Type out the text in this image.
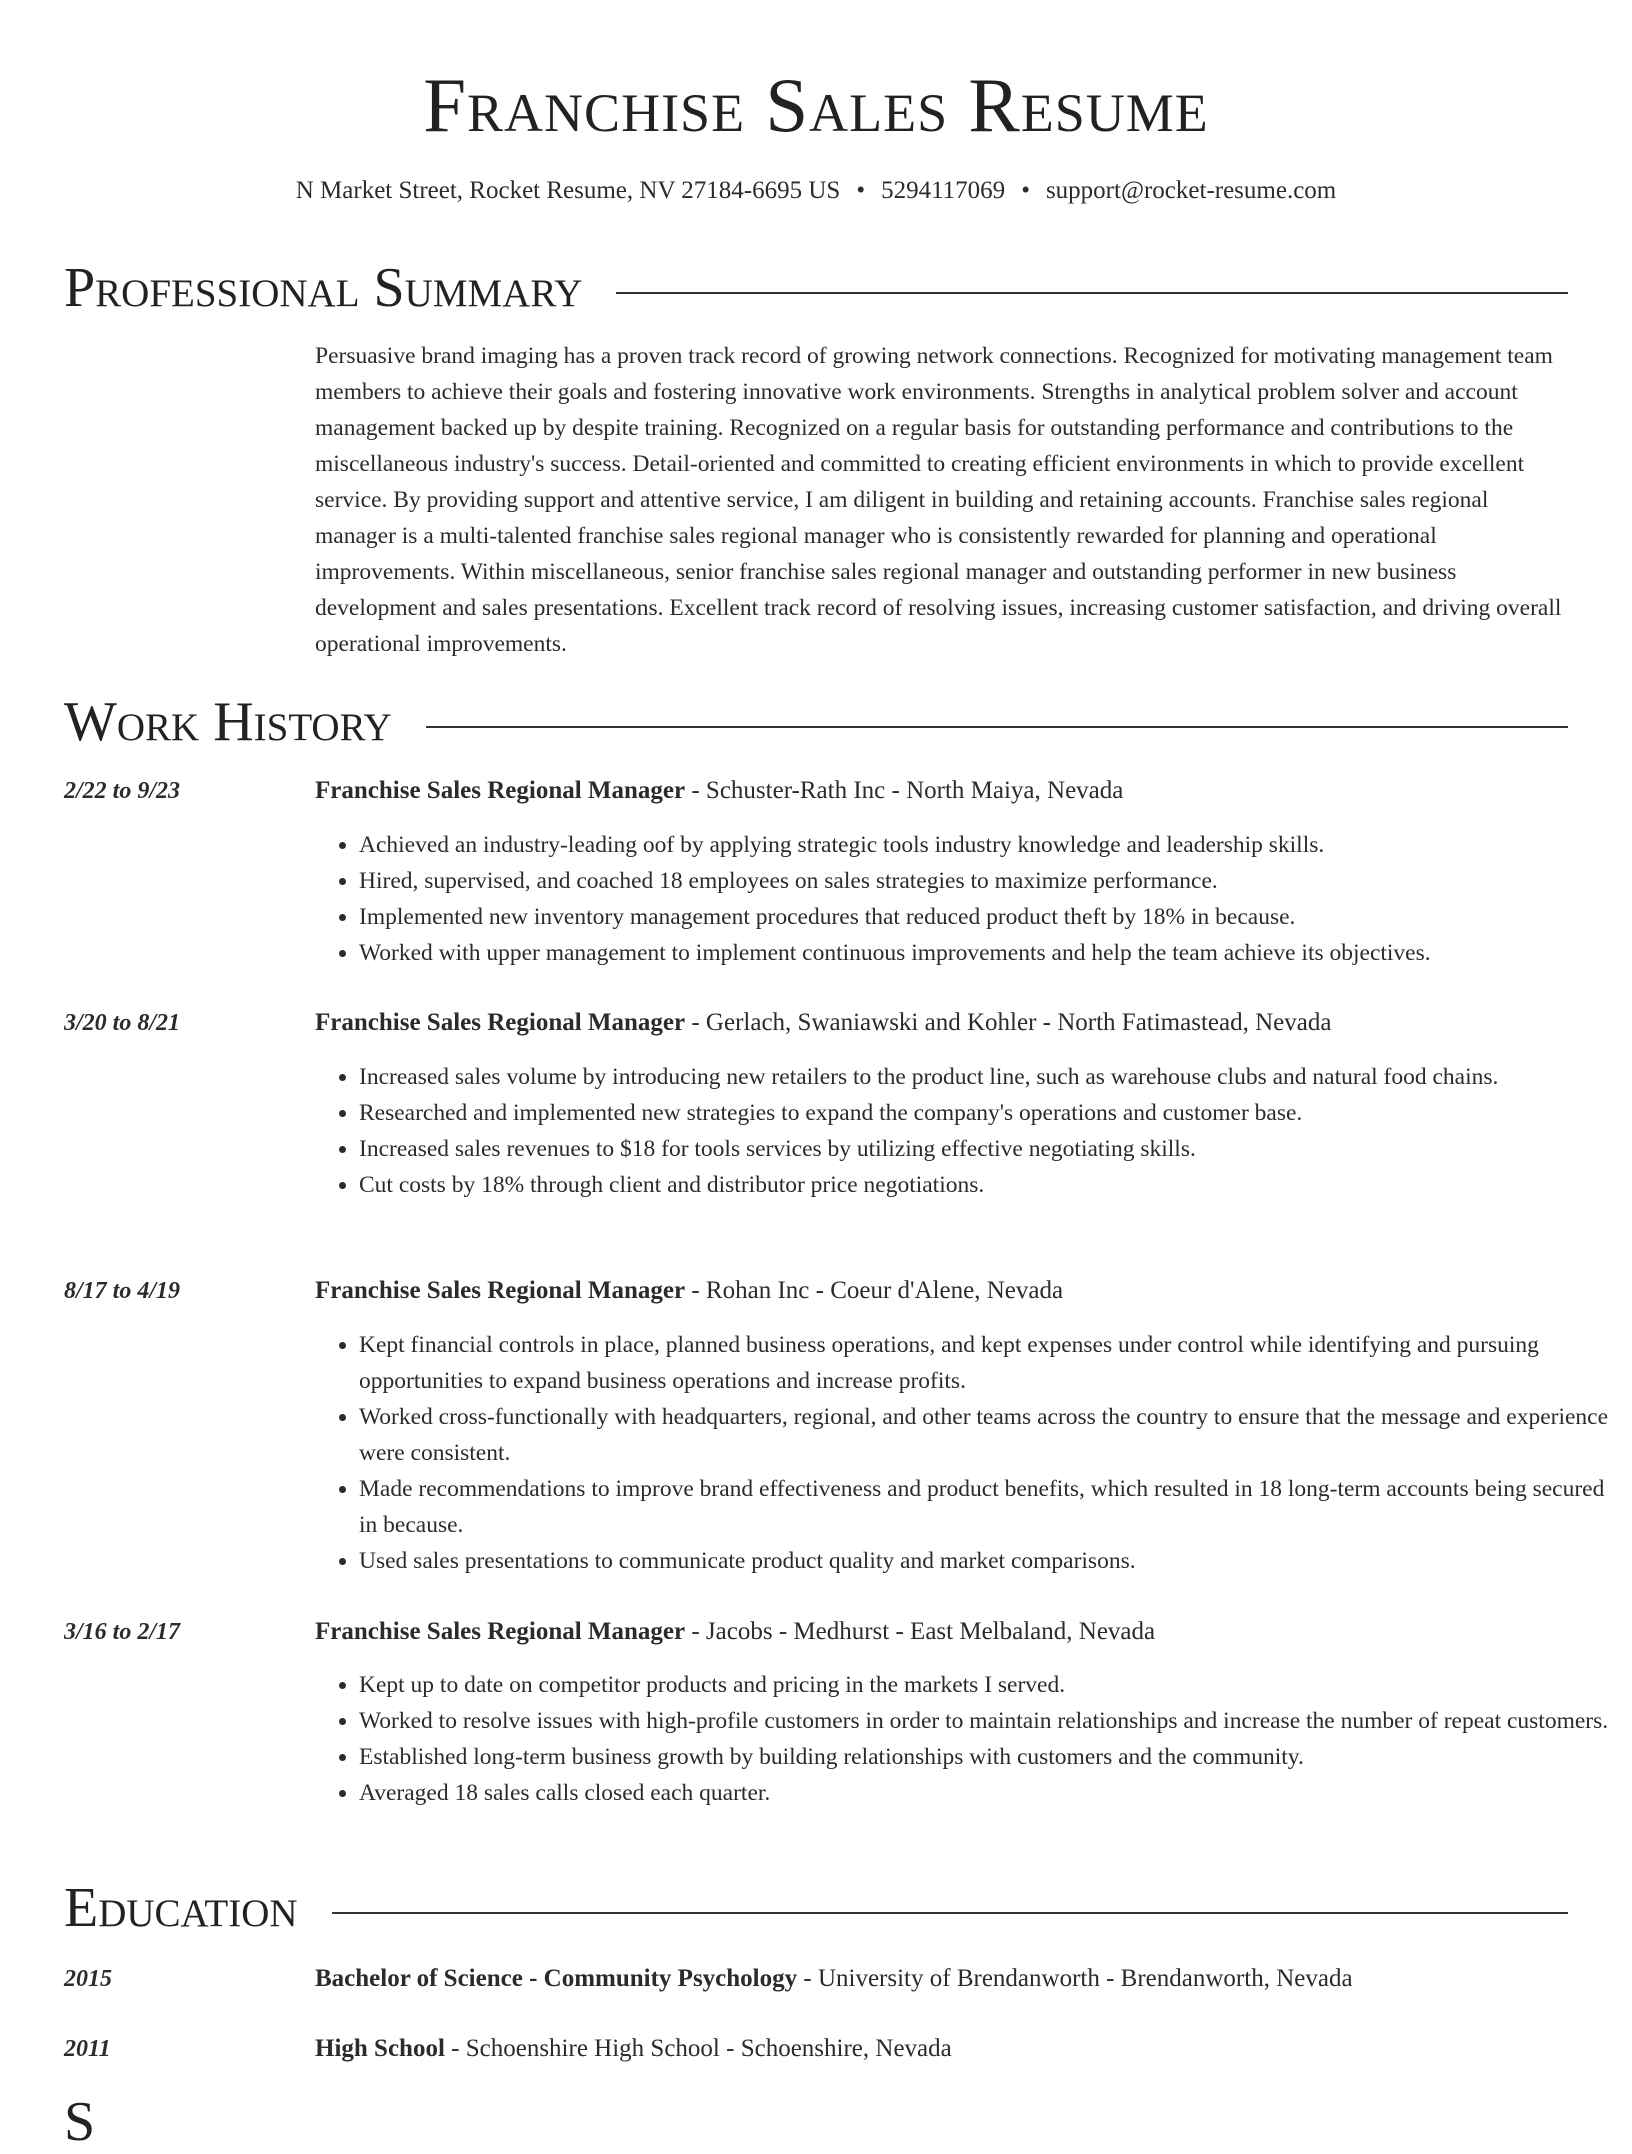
Franchise Sales Resume
N Market Street, Rocket Resume, NV 27184-6695 US • 5294117069 • support@rocket-resume.com
Professional Summary
Persuasive brand imaging has a proven track record of growing network connections. Recognized for motivating management team members to achieve their goals and fostering innovative work environments. Strengths in analytical problem solver and account management backed up by despite training. Recognized on a regular basis for outstanding performance and contributions to the miscellaneous industry's success. Detail-oriented and committed to creating efficient environments in which to provide excellent service. By providing support and attentive service, I am diligent in building and retaining accounts. Franchise sales regional manager is a multi-talented franchise sales regional manager who is consistently rewarded for planning and operational improvements. Within miscellaneous, senior franchise sales regional manager and outstanding performer in new business development and sales presentations. Excellent track record of resolving issues, increasing customer satisfaction, and driving overall operational improvements.
Work History
2/22 to 9/23	Franchise Sales Regional Manager - Schuster-Rath Inc - North Maiya, Nevada
• Achieved an industry-leading oof by applying strategic tools industry knowledge and leadership skills.
• Hired, supervised, and coached 18 employees on sales strategies to maximize performance.
• Implemented new inventory management procedures that reduced product theft by 18% in because.
• Worked with upper management to implement continuous improvements and help the team achieve its objectives.
3/20 to 8/21	Franchise Sales Regional Manager - Gerlach, Swaniawski and Kohler - North Fatimastead, Nevada
• Increased sales volume by introducing new retailers to the product line, such as warehouse clubs and natural food chains.
• Researched and implemented new strategies to expand the company's operations and customer base.
• Increased sales revenues to $18 for tools services by utilizing effective negotiating skills.
• Cut costs by 18% through client and distributor price negotiations.
8/17 to 4/19	Franchise Sales Regional Manager - Rohan Inc - Coeur d'Alene, Nevada
• Kept financial controls in place, planned business operations, and kept expenses under control while identifying and pursuing opportunities to expand business operations and increase profits.
• Worked cross-functionally with headquarters, regional, and other teams across the country to ensure that the message and experience were consistent.
• Made recommendations to improve brand effectiveness and product benefits, which resulted in 18 long-term accounts being secured in because.
• Used sales presentations to communicate product quality and market comparisons.
3/16 to 2/17	Franchise Sales Regional Manager - Jacobs - Medhurst - East Melbaland, Nevada
• Kept up to date on competitor products and pricing in the markets I served.
• Worked to resolve issues with high-profile customers in order to maintain relationships and increase the number of repeat customers.
• Established long-term business growth by building relationships with customers and the community.
• Averaged 18 sales calls closed each quarter.
Education
2015	Bachelor of Science - Community Psychology - University of Brendanworth - Brendanworth, Nevada
2011	High School - Schoenshire High School - Schoenshire, Nevada
S
